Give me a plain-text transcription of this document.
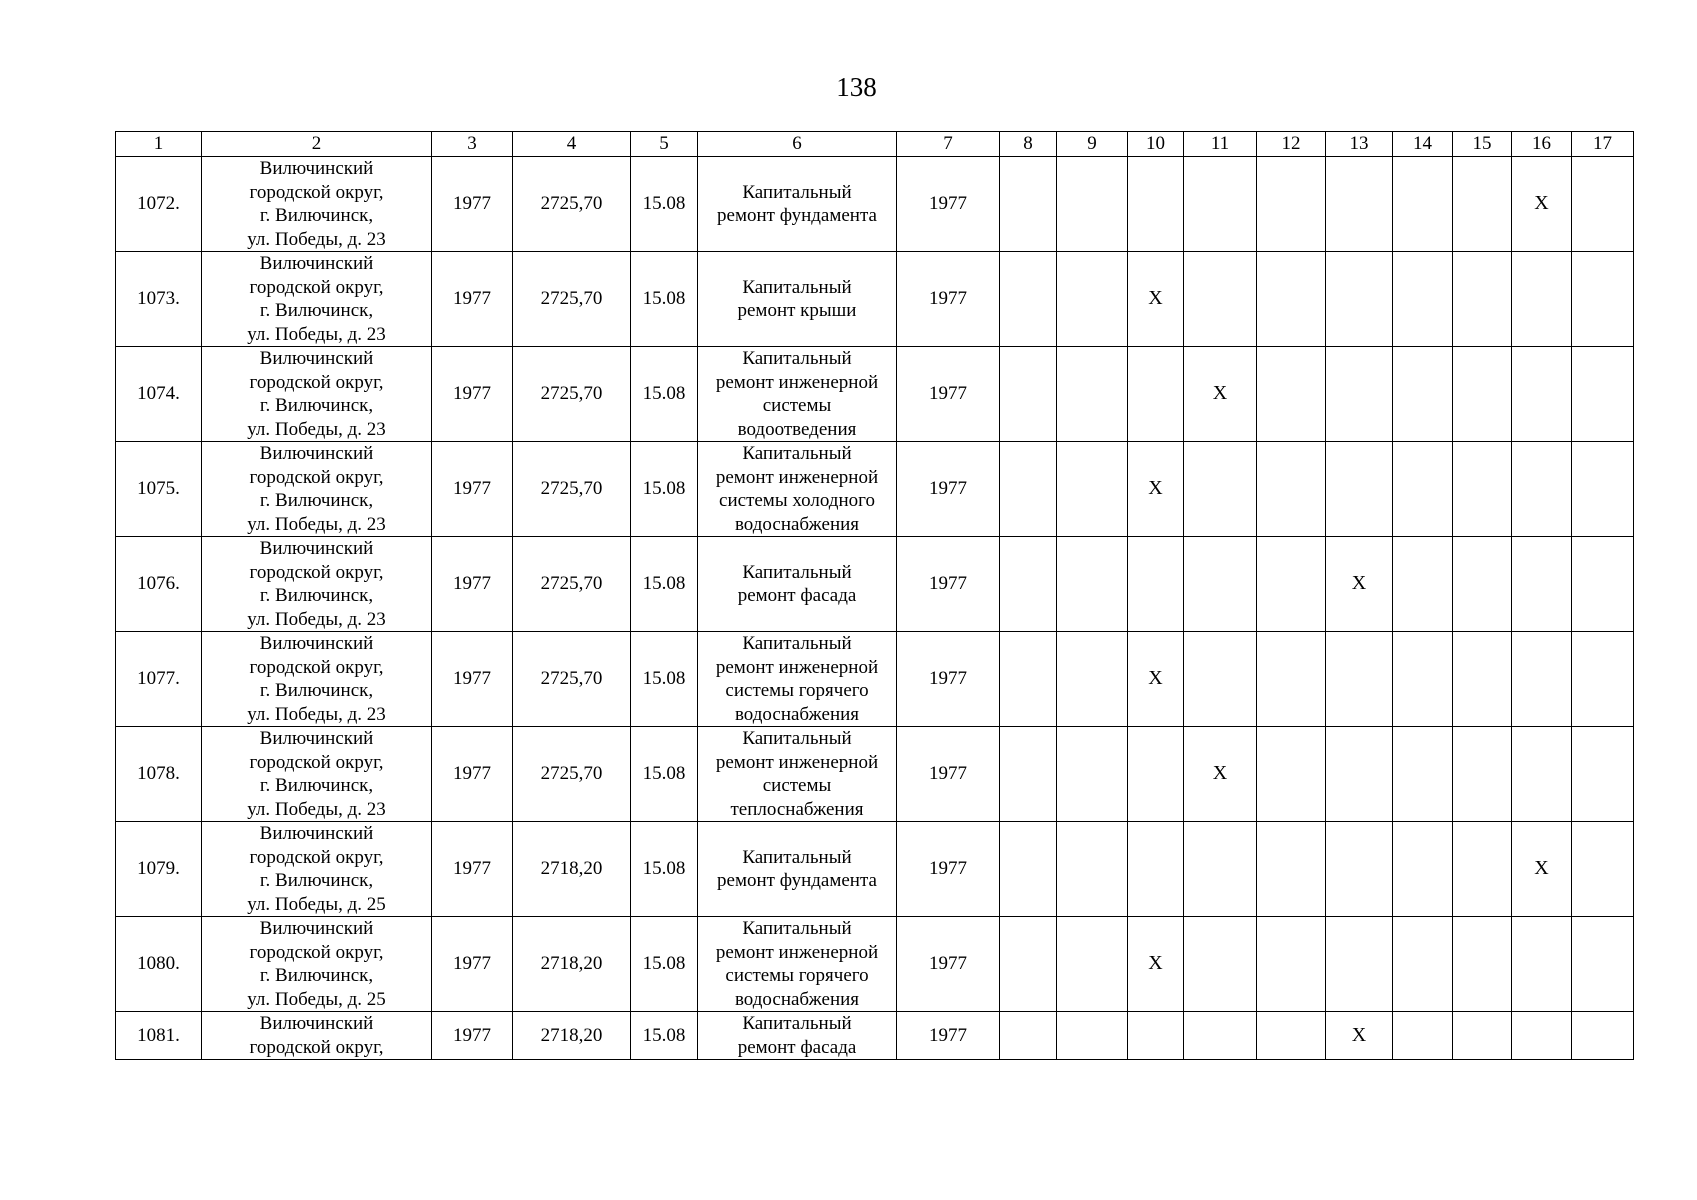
138
1	2	3	4	5	6	7	8	9	10	11	12	13	14	15	16	17
1072.	Вилючинский
городской округ,
г. Вилючинск,
ул. Победы, д. 23	1977	2725,70	15.08	Капитальный
ремонт фундамента	1977									X	
1073.	Вилючинский
городской округ,
г. Вилючинск,
ул. Победы, д. 23	1977	2725,70	15.08	Капитальный
ремонт крыши	1977			X							
1074.	Вилючинский
городской округ,
г. Вилючинск,
ул. Победы, д. 23	1977	2725,70	15.08	Капитальный
ремонт инженерной
системы
водоотведения	1977				X						
1075.	Вилючинский
городской округ,
г. Вилючинск,
ул. Победы, д. 23	1977	2725,70	15.08	Капитальный
ремонт инженерной
системы холодного
водоснабжения	1977			X							
1076.	Вилючинский
городской округ,
г. Вилючинск,
ул. Победы, д. 23	1977	2725,70	15.08	Капитальный
ремонт фасада	1977						X				
1077.	Вилючинский
городской округ,
г. Вилючинск,
ул. Победы, д. 23	1977	2725,70	15.08	Капитальный
ремонт инженерной
системы горячего
водоснабжения	1977			X							
1078.	Вилючинский
городской округ,
г. Вилючинск,
ул. Победы, д. 23	1977	2725,70	15.08	Капитальный
ремонт инженерной
системы
теплоснабжения	1977				X						
1079.	Вилючинский
городской округ,
г. Вилючинск,
ул. Победы, д. 25	1977	2718,20	15.08	Капитальный
ремонт фундамента	1977									X	
1080.	Вилючинский
городской округ,
г. Вилючинск,
ул. Победы, д. 25	1977	2718,20	15.08	Капитальный
ремонт инженерной
системы горячего
водоснабжения	1977			X							
1081.	Вилючинский
городской округ,	1977	2718,20	15.08	Капитальный
ремонт фасада	1977						X				
